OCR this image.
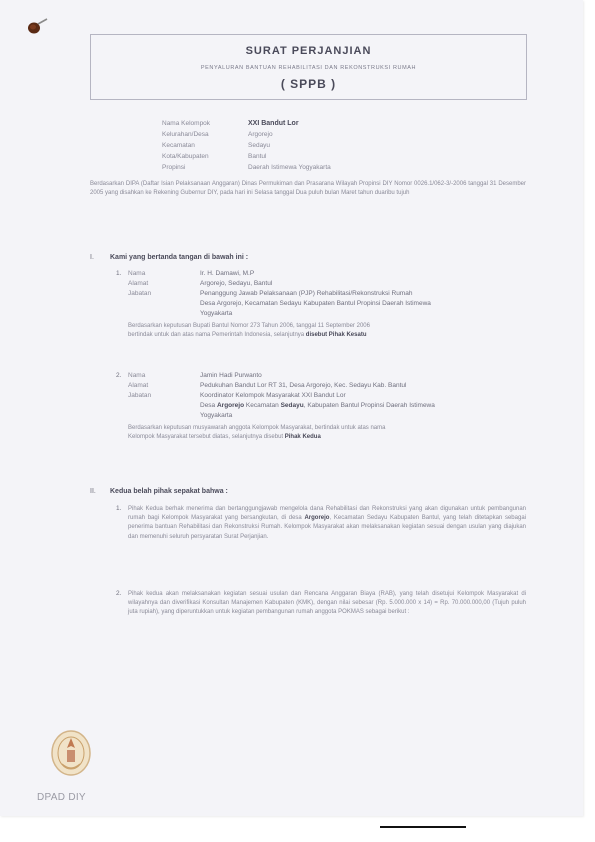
SURAT PERJANJIAN
PENYALURAN BANTUAN REHABILITASI DAN REKONSTRUKSI RUMAH
( SPPB )
Nama Kelompok	XXI Bandut Lor
Kelurahan/Desa	Argorejo
Kecamatan	Sedayu
Kota/Kabupaten	Bantul
Propinsi	Daerah Istimewa Yogyakarta
Berdasarkan DIPA (Daftar Isian Pelaksanaan Anggaran) Dinas Permukiman dan Prasarana Wilayah Propinsi DIY Nomor 0026.1/062-3/-2006 tanggal 31 Desember 2005 yang disahkan ke Rekening Gubernur DIY, pada hari ini Selasa tanggal Dua puluh bulan Maret tahun duaribu tujuh
I. Kami yang bertanda tangan di bawah ini :
1. Nama	Ir. H. Damawi, M.P
Alamat	Argorejo, Sedayu, Bantul
Jabatan	Penanggung Jawab Pelaksanaan (PJP) Rehabilitasi/Rekonstruksi Rumah
Desa Argorejo, Kecamatan Sedayu Kabupaten Bantul Propinsi Daerah Istimewa
Yogyakarta
Berdasarkan keputusan Bupati Bantul Nomor 273 Tahun 2006, tanggal 11 September 2006
bertindak untuk dan atas nama Pemerintah Indonesia, selanjutnya disebut Pihak Kesatu
2. Nama	Jamin Hadi Purwanto
Alamat	Pedukuhan Bandut Lor RT 31, Desa Argorejo, Kec. Sedayu Kab. Bantul
Jabatan	Koordinator Kelompok Masyarakat XXI Bandut Lor
Desa Argorejo Kecamatan Sedayu, Kabupaten Bantul Propinsi Daerah Istimewa
Yogyakarta
Berdasarkan keputusan musyawarah anggota Kelompok Masyarakat, bertindak untuk atas nama
Kelompok Masyarakat tersebut diatas, selanjutnya disebut Pihak Kedua
II. Kedua belah pihak sepakat bahwa :
1. Pihak Kedua berhak menerima dan bertanggungjawab mengelola dana Rehabilitasi dan Rekonstruksi yang akan digunakan untuk pembangunan rumah bagi Kelompok Masyarakat yang bersangkutan, di desa Argorejo, Kecamatan Sedayu Kabupaten Bantul, yang telah ditetapkan sebagai penerima bantuan Rehabilitasi dan Rekonstruksi Rumah. Kelompok Masyarakat akan melaksanakan kegiatan sesuai dengan usulan yang diajukan dan memenuhi seluruh persyaratan Surat Perjanjian.
2. Pihak kedua akan melaksanakan kegiatan sesuai usulan dan Rencana Anggaran Biaya (RAB), yang telah disetujui Kelompok Masyarakat di wilayahnya dan diverifikasi Konsultan Manajemen Kabupaten (KMK), dengan nilai sebesar (Rp. 5.000.000 x 14) = Rp. 70.000.000,00 (Tujuh puluh juta rupiah), yang diperuntukkan untuk kegiatan pembangunan rumah anggota POKMAS sebagai berikut :
DPAD DIY
